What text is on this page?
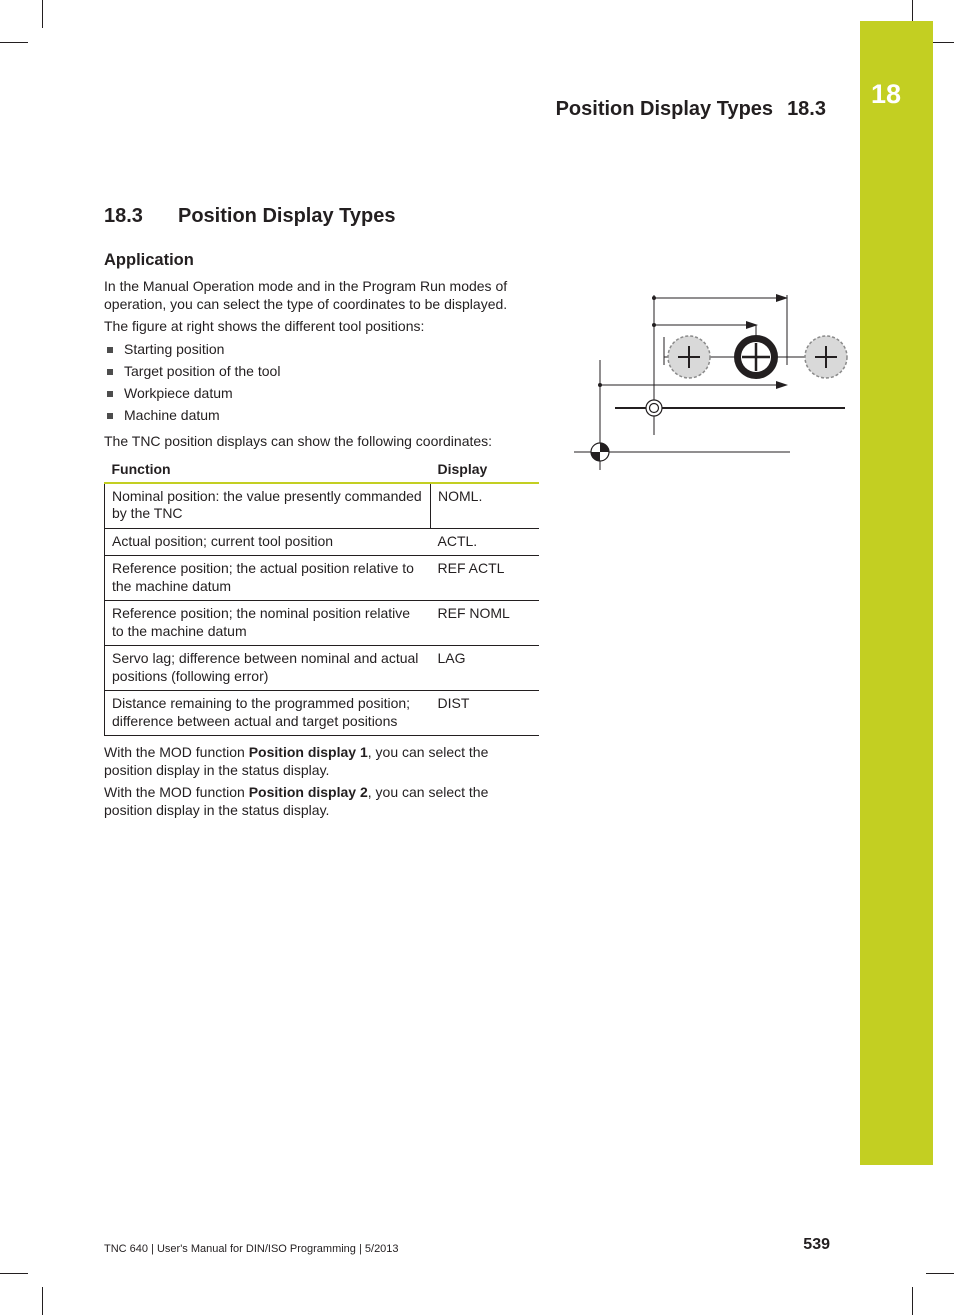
18
Position Display Types 18.3
18.3 Position Display Types
Application

In the Manual Operation mode and in the Program Run modes of operation, you can select the type of coordinates to be displayed.

The figure at right shows the different tool positions:

Starting position
Target position of the tool
Workpiece datum
Machine datum

The TNC position displays can show the following coordinates:

Function	Display
Nominal position: the value presently commanded by the TNC	NOML.
Actual position; current tool position	ACTL.
Reference position; the actual position relative to the machine datum	REF ACTL
Reference position; the nominal position relative to the machine datum	REF NOML
Servo lag; difference between nominal and actual positions (following error)	LAG
Distance remaining to the programmed position; difference between actual and target positions	DIST

With the MOD function Position display 1, you can select the position display in the status display.

With the MOD function Position display 2, you can select the position display in the status display.

TNC 640 | User's Manual for DIN/ISO Programming | 5/2013	539
